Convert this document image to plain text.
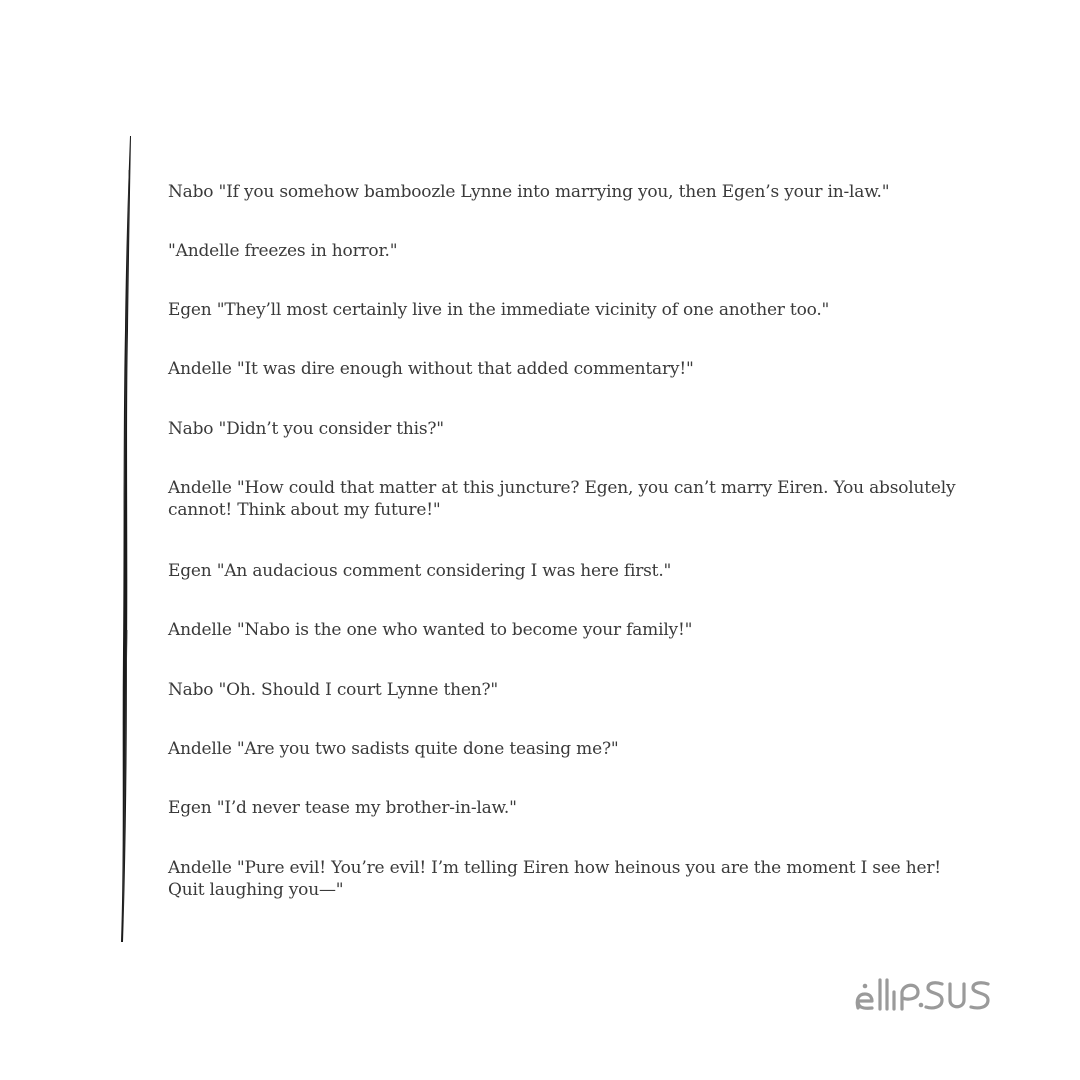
Nabo "If you somehow bamboozle Lynne into marrying you, then Egen’s your in-law."
"Andelle freezes in horror."
Egen "They’ll most certainly live in the immediate vicinity of one another too."
Andelle "It was dire enough without that added commentary!"
Nabo "Didn’t you consider this?"
Andelle "How could that matter at this juncture? Egen, you can’t marry Eiren. You absolutely cannot! Think about my future!"
Egen "An audacious comment considering I was here first."
Andelle "Nabo is the one who wanted to become your family!"
Nabo "Oh. Should I court Lynne then?"
Andelle "Are you two sadists quite done teasing me?"
Egen "I’d never tease my brother-in-law."
Andelle "Pure evil! You’re evil! I’m telling Eiren how heinous you are the moment I see her! Quit laughing you—"
